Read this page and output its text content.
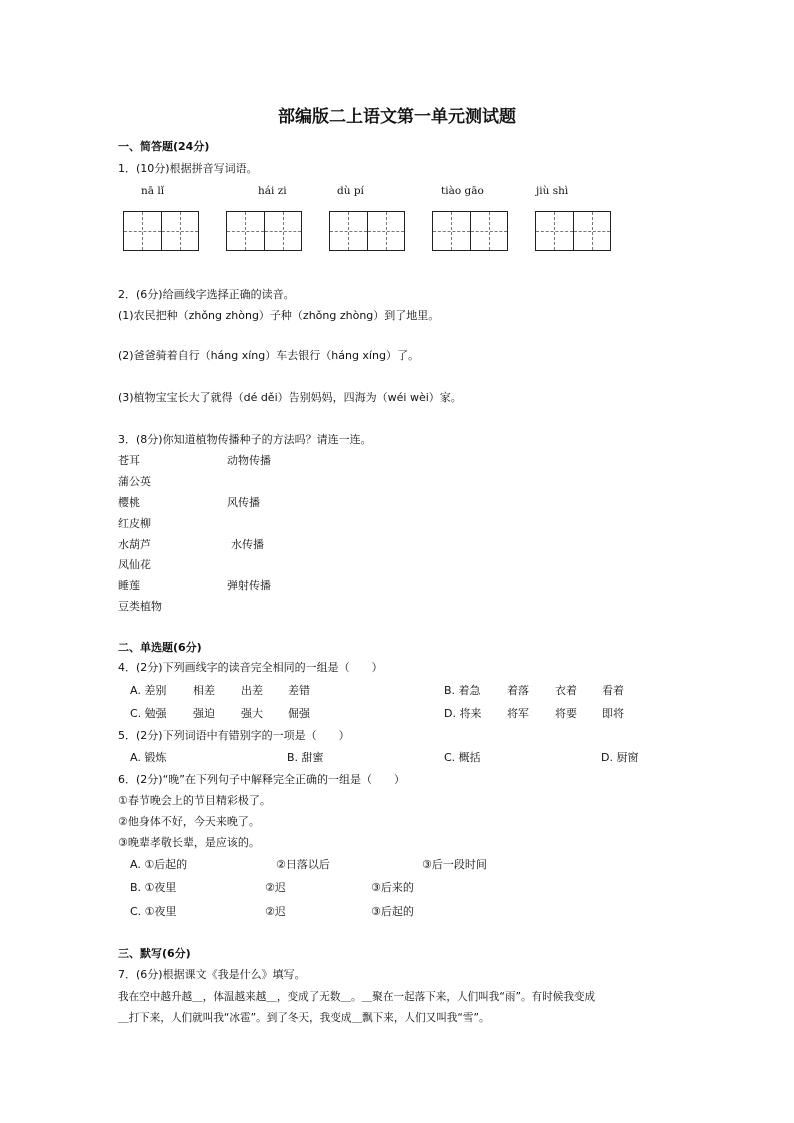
部编版二上语文第一单元测试题
一、简答题(24分)
1．(10分)根据拼音写词语。
nā lǐ	hái zi	dù pí	tiào gāo	jiù shì
2．(6分)给画线字选择正确的读音。
(1)农民把种（zhǒng zhòng）子种（zhǒng zhòng）到了地里。
(2)爸爸骑着自行（háng xíng）车去银行（háng xíng）了。
(3)植物宝宝长大了就得（dé děi）告别妈妈，四海为（wéi wèi）家。
3．(8分)你知道植物传播种子的方法吗？请连一连。
苍耳
蒲公英
樱桃
红皮柳
水葫芦
凤仙花
睡莲
豆类植物
动物传播
风传播
水传播
弹射传播
二、单选题(6分)
4．(2分)下列画线字的读音完全相同的一组是（　　）
A. 差别 相差 出差 差错	B. 着急 着落 衣着 看着
C. 勉强 强迫 强大 倔强	D. 将来 将军 将要 即将
5．(2分)下列词语中有错别字的一项是（　　）
A. 锻炼	B. 甜蜜	C. 概括	D. 厨窗
6．(2分)“晚”在下列句子中解释完全正确的一组是（　　）
①春节晚会上的节目精彩极了。
②他身体不好，今天来晚了。
③晚辈孝敬长辈，是应该的。
A. ①后起的	②日落以后	③后一段时间
B. ①夜里	②迟	③后来的
C. ①夜里	②迟	③后起的
三、默写(6分)
7．(6分)根据课文《我是什么》填写。
我在空中越升越＿，体温越来越＿，变成了无数＿。＿聚在一起落下来，人们叫我“雨”。有时候我变成
＿打下来，人们就叫我“冰雹”。到了冬天，我变成＿飘下来，人们又叫我“雪”。
